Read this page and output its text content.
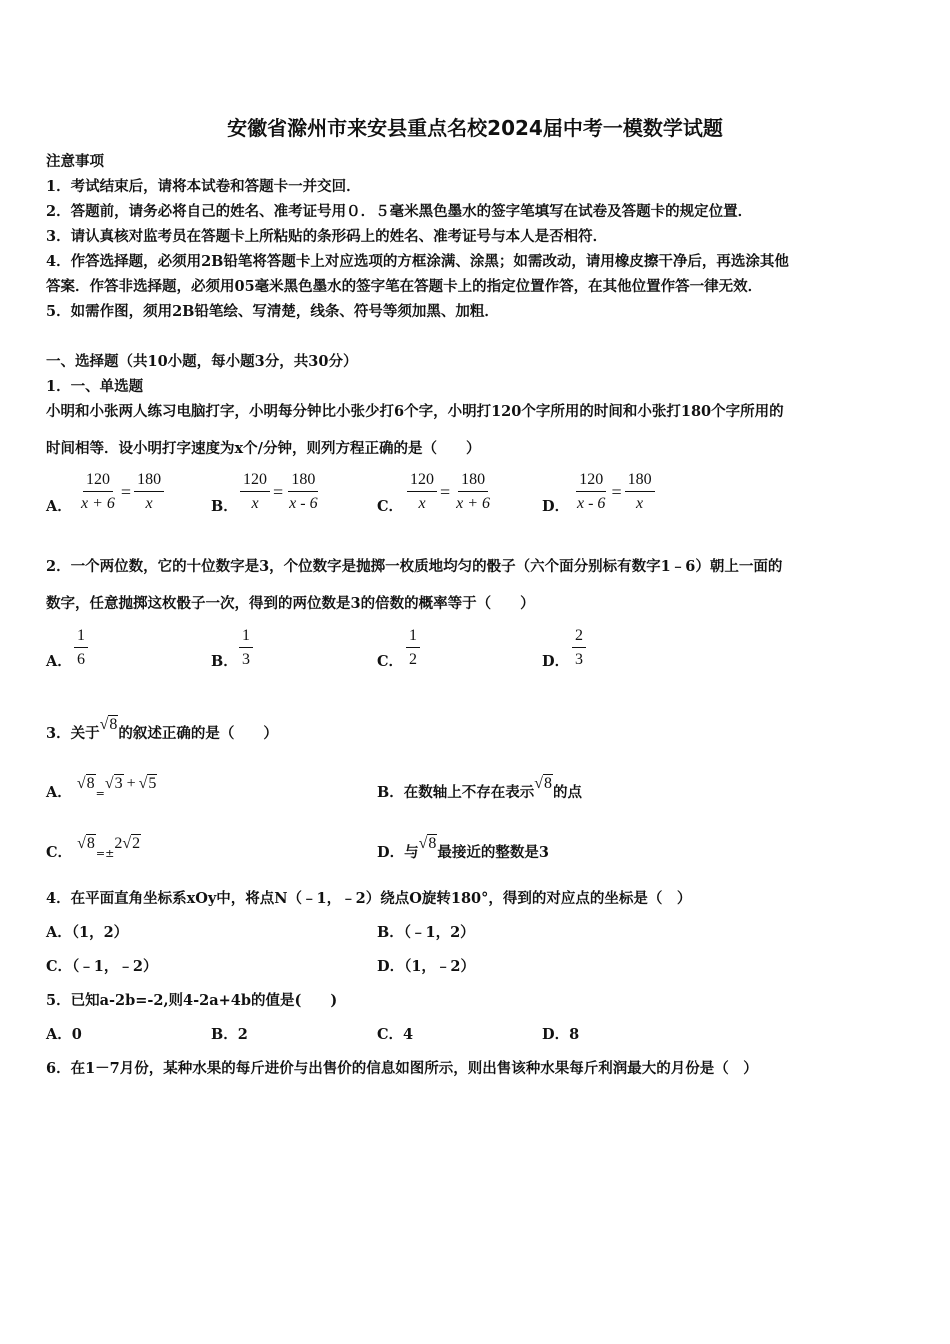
安徽省滁州市来安县重点名校2024届中考一模数学试题
注意事项
1．考试结束后，请将本试卷和答题卡一并交回．
2．答题前，请务必将自己的姓名、准考证号用０．５毫米黑色墨水的签字笔填写在试卷及答题卡的规定位置．
3．请认真核对监考员在答题卡上所粘贴的条形码上的姓名、准考证号与本人是否相符．
4．作答选择题，必须用2B铅笔将答题卡上对应选项的方框涂满、涂黑；如需改动，请用橡皮擦干净后，再选涂其他
答案．作答非选择题，必须用05毫米黑色墨水的签字笔在答题卡上的指定位置作答，在其他位置作答一律无效．
5．如需作图，须用2B铅笔绘、写清楚，线条、符号等须加黑、加粗．
一、选择题（共10小题，每小题3分，共30分）
1．一、单选题
小明和小张两人练习电脑打字，小明每分钟比小张少打6个字，小明打120个字所用的时间和小张打180个字所用的
时间相等．设小明打字速度为x个/分钟，则列方程正确的是（　　）
A． $\frac{120}{x + 6} = \frac{180}{x}$	B． $\frac{120}{x} = \frac{180}{x - 6}$	C． $\frac{120}{x} = \frac{180}{x + 6}$	D． $\frac{120}{x - 6} = \frac{180}{x}$
2．一个两位数，它的十位数字是3，个位数字是抛掷一枚质地均匀的骰子（六个面分别标有数字1﹣6）朝上一面的
数字，任意抛掷这枚骰子一次，得到的两位数是3的倍数的概率等于（　　）
A． $\frac{1}{6}$	B． $\frac{1}{3}$	C． $\frac{1}{2}$	D． $\frac{2}{3}$
3．关于√8的叙述正确的是（　　）
A． √8=√3 + √5
B．在数轴上不存在表示√8的点
C． √8=±2√2
D．与√8最接近的整数是3
4．在平面直角坐标系xOy中，将点N（﹣1，﹣2）绕点O旋转180°，得到的对应点的坐标是（　）
A．（1，2）	B．（﹣1，2）
C．（﹣1，﹣2）	D．（1，﹣2）
5．已知a-2b=-2,则4-2a+4b的值是(　　)
A．0	B．2	C．4	D．8
6．在1－7月份，某种水果的每斤进价与出售价的信息如图所示，则出售该种水果每斤利润最大的月份是（　）
